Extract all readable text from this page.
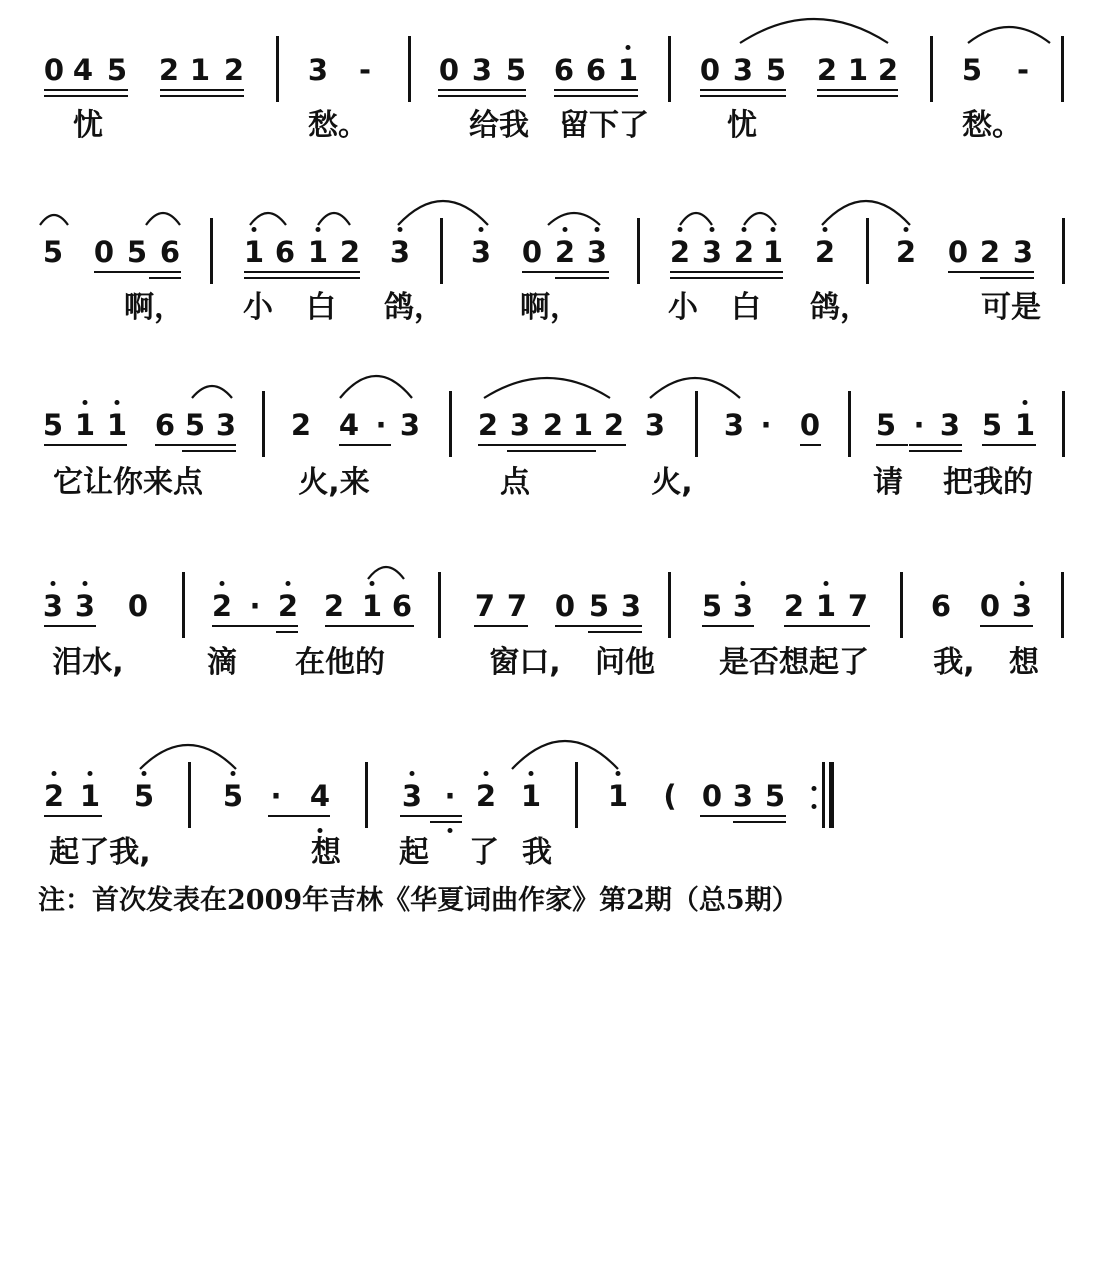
0 4 5 2 1 2 3 - 0 3 5 6 6 1 0 3 5 2 1 2 5 -
5 0 5 6 1 6 1 2 3 3 0 2 3 2 3 2 1 2 2 0 2 3
5 1 1 6 5 3 2 4 · 3 2 3 2 1 2 3 3 · 0 5 · 3 5 1
3 3 0 2 · 2 2 1 6 7 7 0 5 3 5 3 2 1 7 6 0 3
2 1 5 5 · 4 3 · 2 1 1 ( 0 3 5
忧	愁。	给我 留下了	忧	愁。
啊， 小 白 鸽，	啊，	小 白 鸽，	可是
它让你来点	火,来	点	火,	请 把我的
泪水,	滴 在他的	窗口, 问他 是否想起了 我, 想
起了我,	想 起 了 我
注：首次发表在2009年吉林《华夏词曲作家》第2期（总5期）
